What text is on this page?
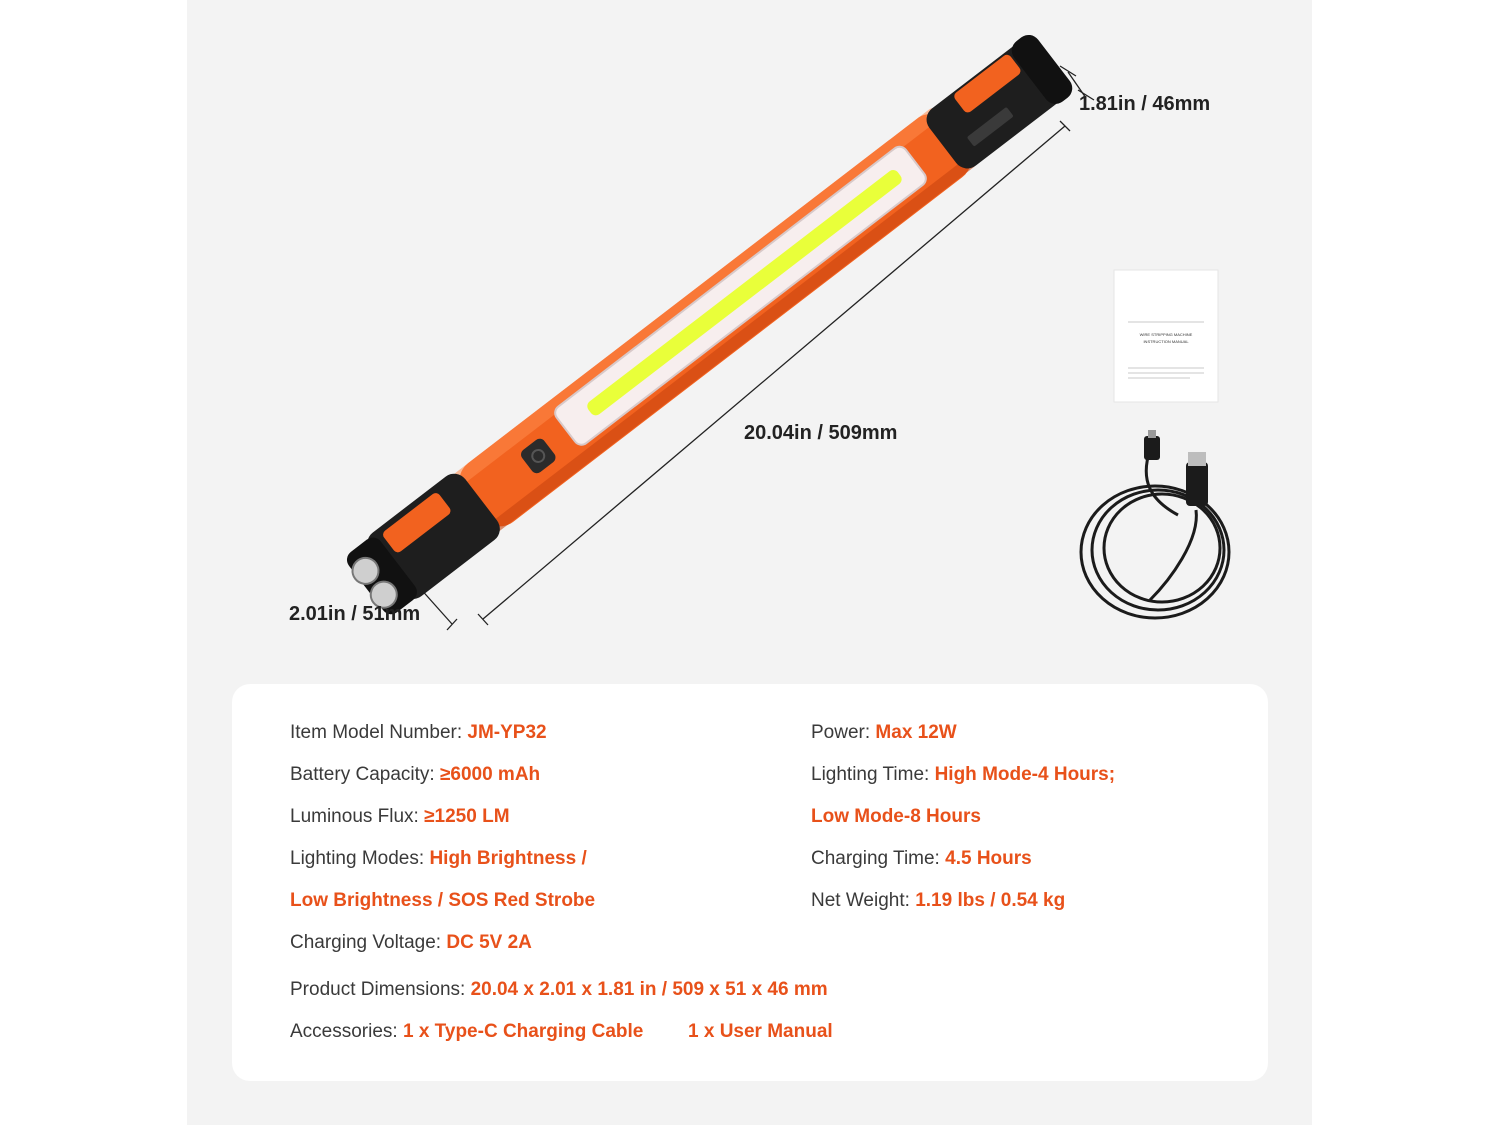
WIRE STRIPPING MACHINE
INSTRUCTION MANUAL
1.81in / 46mm
20.04in / 509mm
2.01in / 51mm
Item Model Number: JM-YP32
Battery Capacity: ≥6000 mAh
Luminous Flux: ≥1250 LM
Lighting Modes: High Brightness /
Low Brightness / SOS Red Strobe
Charging Voltage: DC 5V 2A
Power: Max 12W
Lighting Time: High Mode-4 Hours;
Low Mode-8 Hours
Charging Time: 4.5 Hours
Net Weight: 1.19 lbs / 0.54 kg
Product Dimensions: 20.04 x 2.01 x 1.81 in / 509 x 51 x 46 mm
Accessories: 1 x Type-C Charging Cable 1 x User Manual
